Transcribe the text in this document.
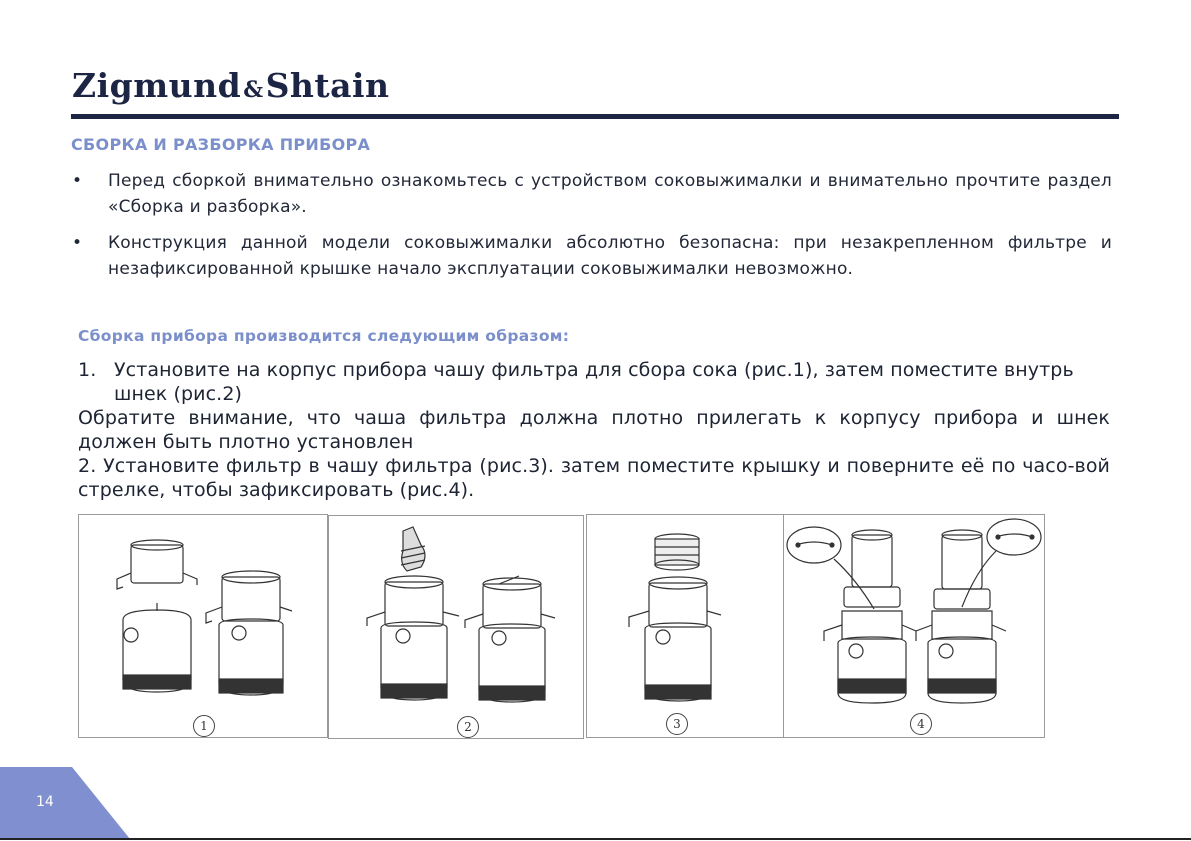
Zigmund&Shtain
СБОРКА И РАЗБОРКА ПРИБОРА
• Перед сборкой внимательно ознакомьтесь с устройством соковыжималки и внимательно прочтите раздел «Сборка и разборка».
• Конструкция данной модели соковыжималки абсолютно безопасна: при незакрепленном фильтре и незафиксированной крышке начало эксплуатации соковыжималки невозможно.
Сборка прибора производится следующим образом:

1. Установите на корпус прибора чашу фильтра для сбора сока (рис.1), затем поместите внутрь

шнек (рис.2)

Обратите внимание, что чаша фильтра должна плотно прилегать к корпусу прибора и шнек должен быть плотно установлен

2. Установите фильтр в чашу фильтра (рис.3). затем поместите крышку и поверните её по часо-вой стрелке, чтобы зафиксировать (рис.4).

1	2	3	4
14
